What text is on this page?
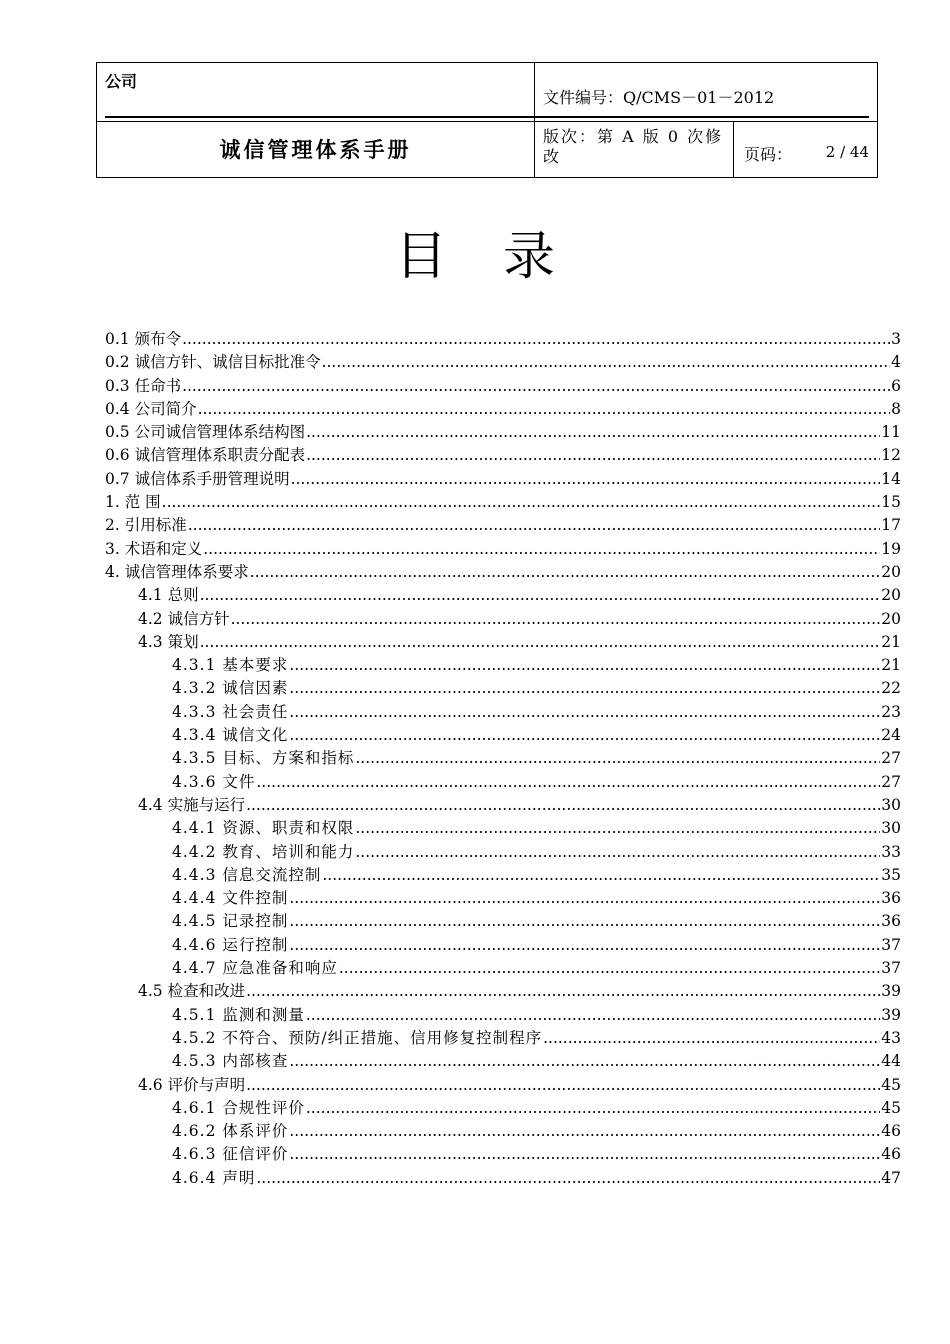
公司
文件编号：Q/CMS－01－2012
诚信管理体系手册
版次：第 A 版 0 次修改	页码： 2 / 44
目录
0.1 颁布令 .....	3
0.2 诚信方针、诚信目标批准令 .....	4
0.3 任命书 .....	6
0.4 公司简介 .....	8
0.5 公司诚信管理体系结构图 .....	11
0.6 诚信管理体系职责分配表 .....	12
0.7 诚信体系手册管理说明 .....	14
1. 范 围 .....	15
2. 引用标准 .....	17
3. 术语和定义 .....	19
4. 诚信管理体系要求 .....	20
4.1 总则 .....	20
4.2 诚信方针 .....	20
4.3 策划 .....	21
4.3.1 基本要求 .....	21
4.3.2 诚信因素 .....	22
4.3.3 社会责任 .....	23
4.3.4 诚信文化 .....	24
4.3.5 目标、方案和指标 .....	27
4.3.6 文件 .....	27
4.4 实施与运行 .....	30
4.4.1 资源、职责和权限 .....	30
4.4.2 教育、培训和能力 .....	33
4.4.3 信息交流控制 .....	35
4.4.4 文件控制 .....	36
4.4.5 记录控制 .....	36
4.4.6 运行控制 .....	37
4.4.7 应急准备和响应 .....	37
4.5 检查和改进 .....	39
4.5.1 监测和测量 .....	39
4.5.2 不符合、预防/纠正措施、信用修复控制程序 .....	43
4.5.3 内部核查 .....	44
4.6 评价与声明 .....	45
4.6.1 合规性评价 .....	45
4.6.2 体系评价 .....	46
4.6.3 征信评价 .....	46
4.6.4 声明 .....	47
